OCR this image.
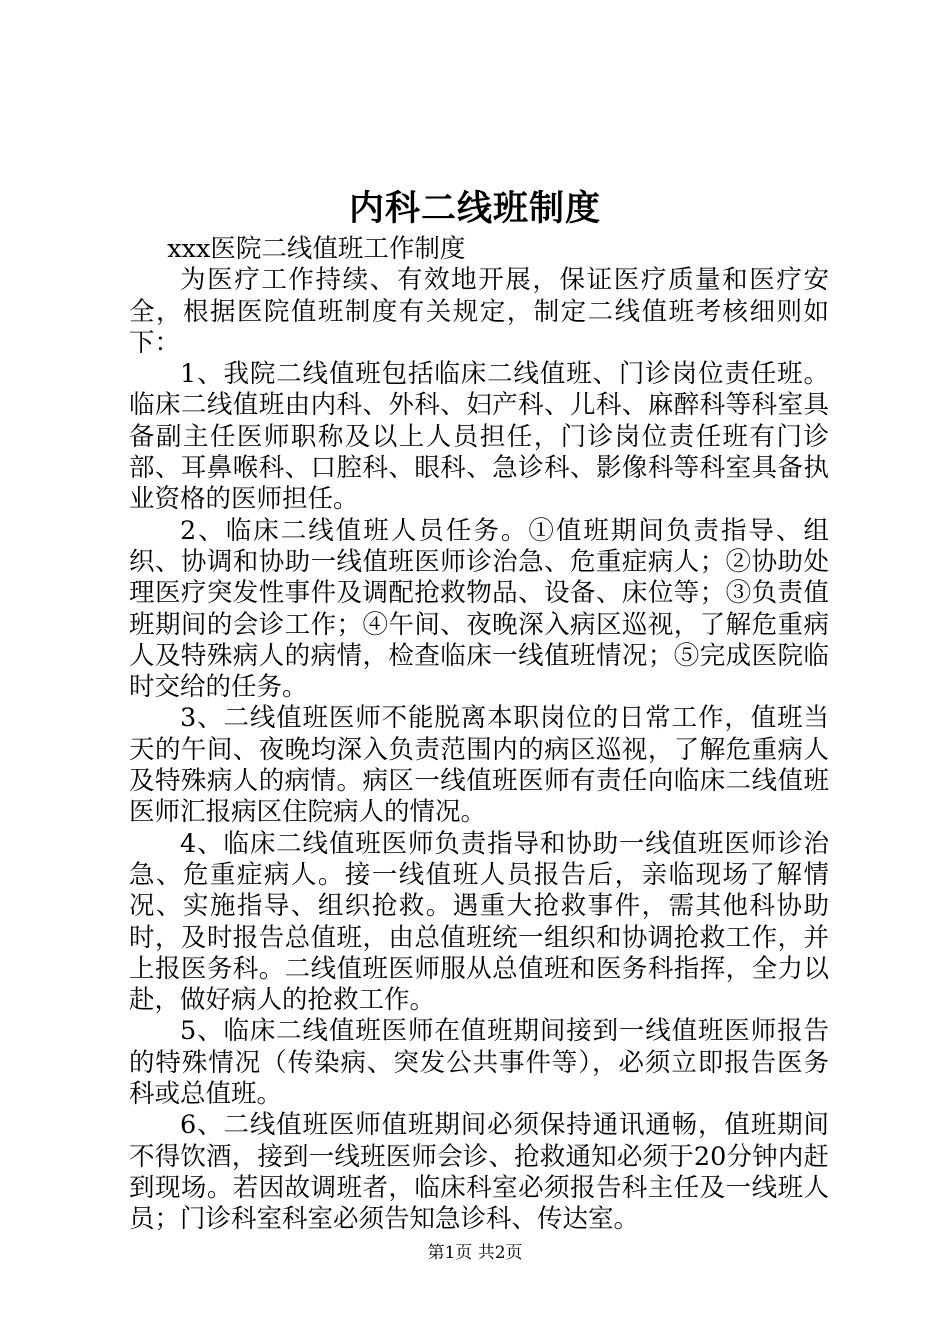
内科二线班制度

xxx医院二线值班工作制度

为医疗工作持续、有效地开展，保证医疗质量和医疗安全，根据医院值班制度有关规定，制定二线值班考核细则如下：

1、我院二线值班包括临床二线值班、门诊岗位责任班。临床二线值班由内科、外科、妇产科、儿科、麻醉科等科室具备副主任医师职称及以上人员担任，门诊岗位责任班有门诊部、耳鼻喉科、口腔科、眼科、急诊科、影像科等科室具备执业资格的医师担任。

2、临床二线值班人员任务。①值班期间负责指导、组织、协调和协助一线值班医师诊治急、危重症病人；②协助处理医疗突发性事件及调配抢救物品、设备、床位等；③负责值班期间的会诊工作；④午间、夜晚深入病区巡视，了解危重病人及特殊病人的病情，检查临床一线值班情况；⑤完成医院临时交给的任务。

3、二线值班医师不能脱离本职岗位的日常工作，值班当天的午间、夜晚均深入负责范围内的病区巡视，了解危重病人及特殊病人的病情。病区一线值班医师有责任向临床二线值班医师汇报病区住院病人的情况。

4、临床二线值班医师负责指导和协助一线值班医师诊治急、危重症病人。接一线值班人员报告后，亲临现场了解情况、实施指导、组织抢救。遇重大抢救事件，需其他科协助时，及时报告总值班，由总值班统一组织和协调抢救工作，并上报医务科。二线值班医师服从总值班和医务科指挥，全力以赴，做好病人的抢救工作。

5、临床二线值班医师在值班期间接到一线值班医师报告的特殊情况（传染病、突发公共事件等），必须立即报告医务科或总值班。

6、二线值班医师值班期间必须保持通讯通畅，值班期间不得饮酒，接到一线班医师会诊、抢救通知必须于20分钟内赶到现场。若因故调班者，临床科室必须报告科主任及一线班人员；门诊科室科室必须告知急诊科、传达室。

第1页 共2页
